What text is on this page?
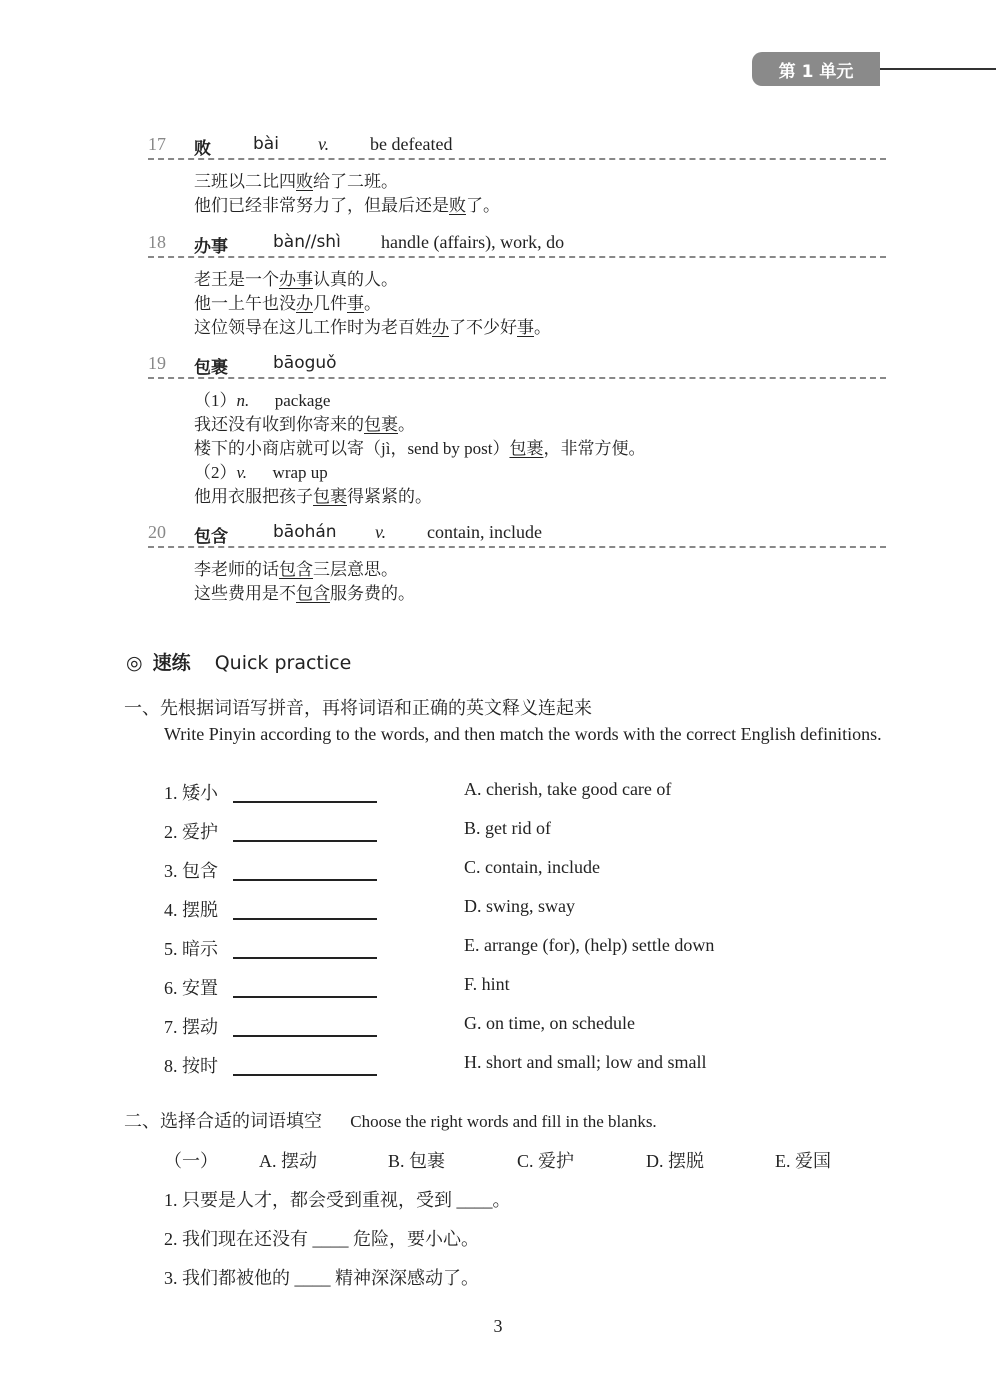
第 1 单元
17 败 bài v. be defeated
三班以二比四败给了二班。
他们已经非常努力了，但最后还是败了。
18 办事	bàn//shì handle (affairs), work, do
老王是一个办事认真的人。
他一上午也没办几件事。
这位领导在这儿工作时为老百姓办了不少好事。
19 包裹	bāoguǒ
（1）n.      package
我还没有收到你寄来的包裹。
楼下的小商店就可以寄（jì，send by post）包裹，非常方便。
（2）v.      wrap up
他用衣服把孩子包裹得紧紧的。
20 包含	bāohán v. contain, include
李老师的话包含三层意思。
这些费用是不包含服务费的。
◎ 速练 Quick practice
一、先根据词语写拼音，再将词语和正确的英文释义连起来
Write Pinyin according to the words, and then match the words with the correct English definitions.
1. 矮小	A. cherish, take good care of
2. 爱护	B. get rid of
3. 包含	C. contain, include
4. 摆脱	D. swing, sway
5. 暗示	E. arrange (for), (help) settle down
6. 安置	F. hint
7. 摆动	G. on time, on schedule
8. 按时	H. short and small; low and small
二、选择合适的词语填空 Choose the right words and fill in the blanks.
（一） A. 摆动	B. 包裹	C. 爱护	D. 摆脱	E. 爱国
1. 只要是人才，都会受到重视，受到 ____。
2. 我们现在还没有 ____ 危险，要小心。
3. 我们都被他的 ____ 精神深深感动了。
3
